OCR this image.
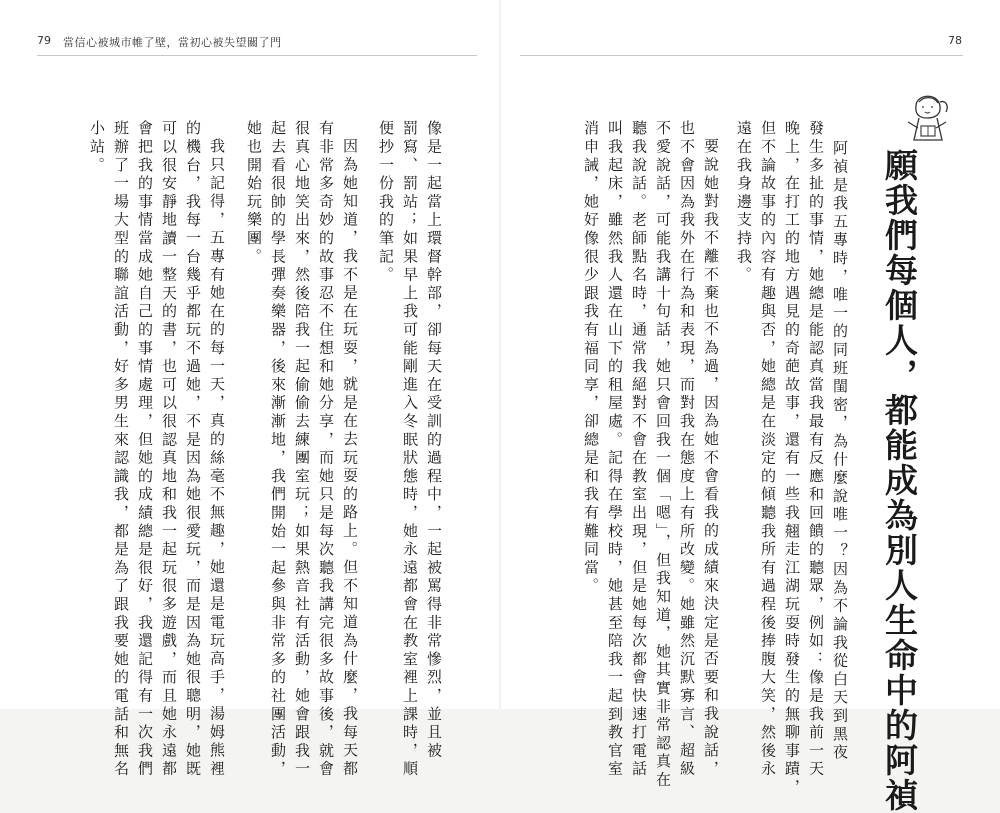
79 當信心被城市帷了壁，當初心被失望關了門
像是一起當上環督幹部，卻每天在受訓的過程中，一起被罵得非常慘烈，並且被
罰寫、罰站；如果早上我可能剛進入冬眠狀態時，她永遠都會在教室裡上課時，順
便抄一份我的筆記。
因為她知道，我不是在玩耍，就是在去玩耍的路上。但不知道為什麼，我每天都
有非常多奇妙的故事忍不住想和她分享，而她只是每次聽我講完很多故事後，就會
很真心地笑出來，然後陪我一起偷偷去練團室玩；如果熱音社有活動，她會跟我一
起去看很帥的學長彈奏樂器，後來漸漸地，我們開始一起參與非常多的社團活動，
她也開始玩樂團。
我只記得，五專有她在的每一天，真的絲毫不無趣，她還是電玩高手，湯姆熊裡
的機台，我每一台幾乎都玩不過她，不是因為她很愛玩，而是因為她很聰明，她既
可以很安靜地讀一整天的書，也可以很認真地和我一起玩很多遊戲，而且她永遠都
會把我的事情當成她自己的事情處理，但她的成績總是很好，我還記得有一次我們
班辦了一場大型的聯誼活動，好多男生來認識我，都是為了跟我要她的電話和無名
小站。
78
願我們每個人，都能成為別人生命中的阿禎
阿禎是我五專時，唯一的同班閨密，為什麼說唯一？因為不論我從白天到黑夜
發生多扯的事情，她總是能認真當我最有反應和回饋的聽眾，例如：像是我前一天
晚上，在打工的地方遇見的奇葩故事，還有一些我翹走江湖玩耍時發生的無聊事蹟，
但不論故事的內容有趣與否，她總是在淡定的傾聽我所有過程後捧腹大笑，然後永
遠在我身邊支持我。
要說她對我不離不棄也不為過，因為她不會看我的成績來決定是否要和我說話，
也不會因為我外在行為和表現，而對我在態度上有所改變。她雖然沉默寡言、超級
不愛說話，可能我講十句話，她只會回我一個「嗯」，但我知道，她其實非常認真在
聽我說話。老師點名時，通常我絕對不會在教室出現，但是她每次都會快速打電話
叫我起床，雖然我人還在山下的租屋處。記得在學校時，她甚至陪我一起到教官室
消申誡，她好像很少跟我有福同享，卻總是和我有難同當。
